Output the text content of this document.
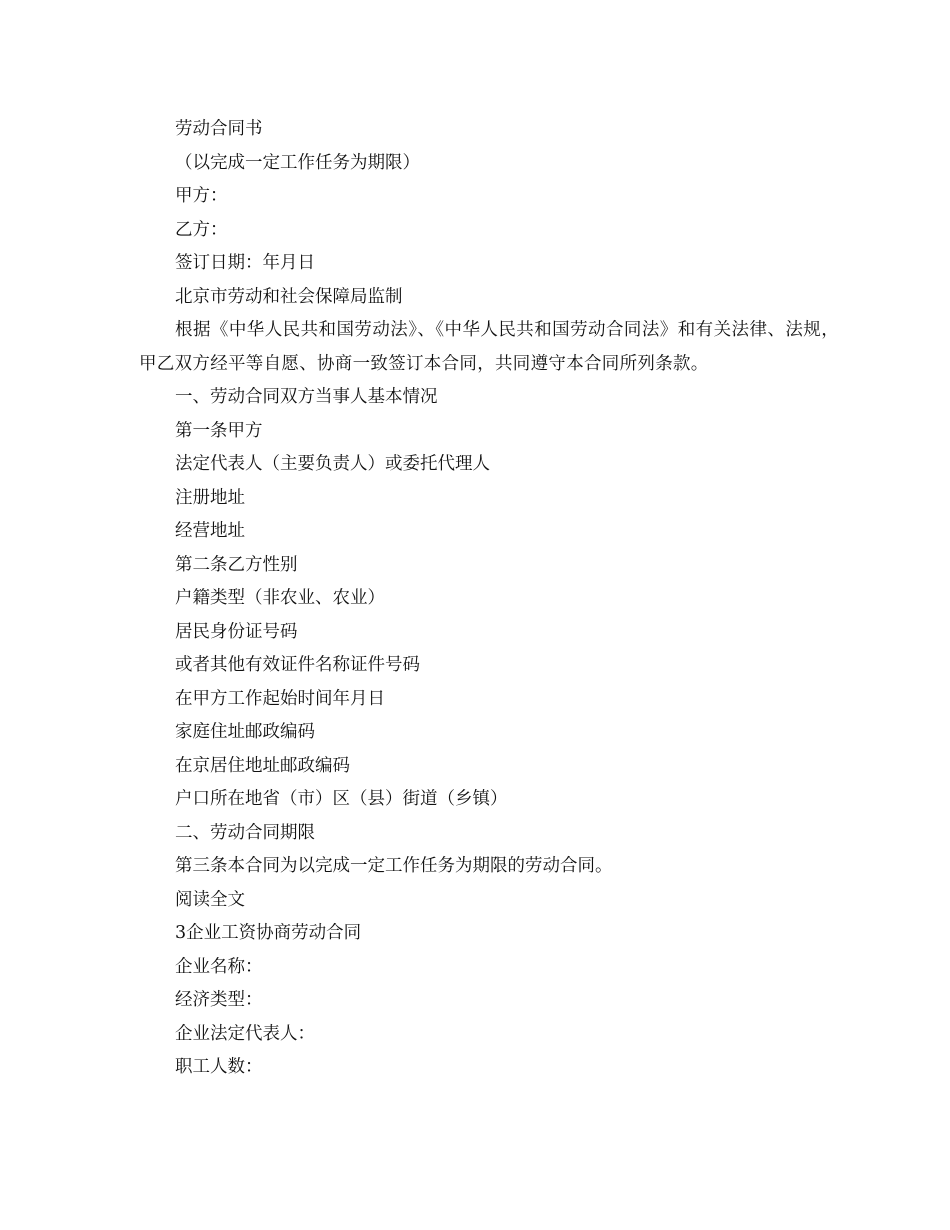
劳动合同书
（以完成一定工作任务为期限）
甲方：
乙方：
签订日期：年月日
北京市劳动和社会保障局监制
根据《中华人民共和国劳动法》、《中华人民共和国劳动合同法》和有关法律、法规，甲乙双方经平等自愿、协商一致签订本合同，共同遵守本合同所列条款。
一、劳动合同双方当事人基本情况
第一条甲方
法定代表人（主要负责人）或委托代理人
注册地址
经营地址
第二条乙方性别
户籍类型（非农业、农业）
居民身份证号码
或者其他有效证件名称证件号码
在甲方工作起始时间年月日
家庭住址邮政编码
在京居住地址邮政编码
户口所在地省（市）区（县）街道（乡镇）
二、劳动合同期限
第三条本合同为以完成一定工作任务为期限的劳动合同。
阅读全文
3企业工资协商劳动合同
企业名称：
经济类型：
企业法定代表人：
职工人数：
